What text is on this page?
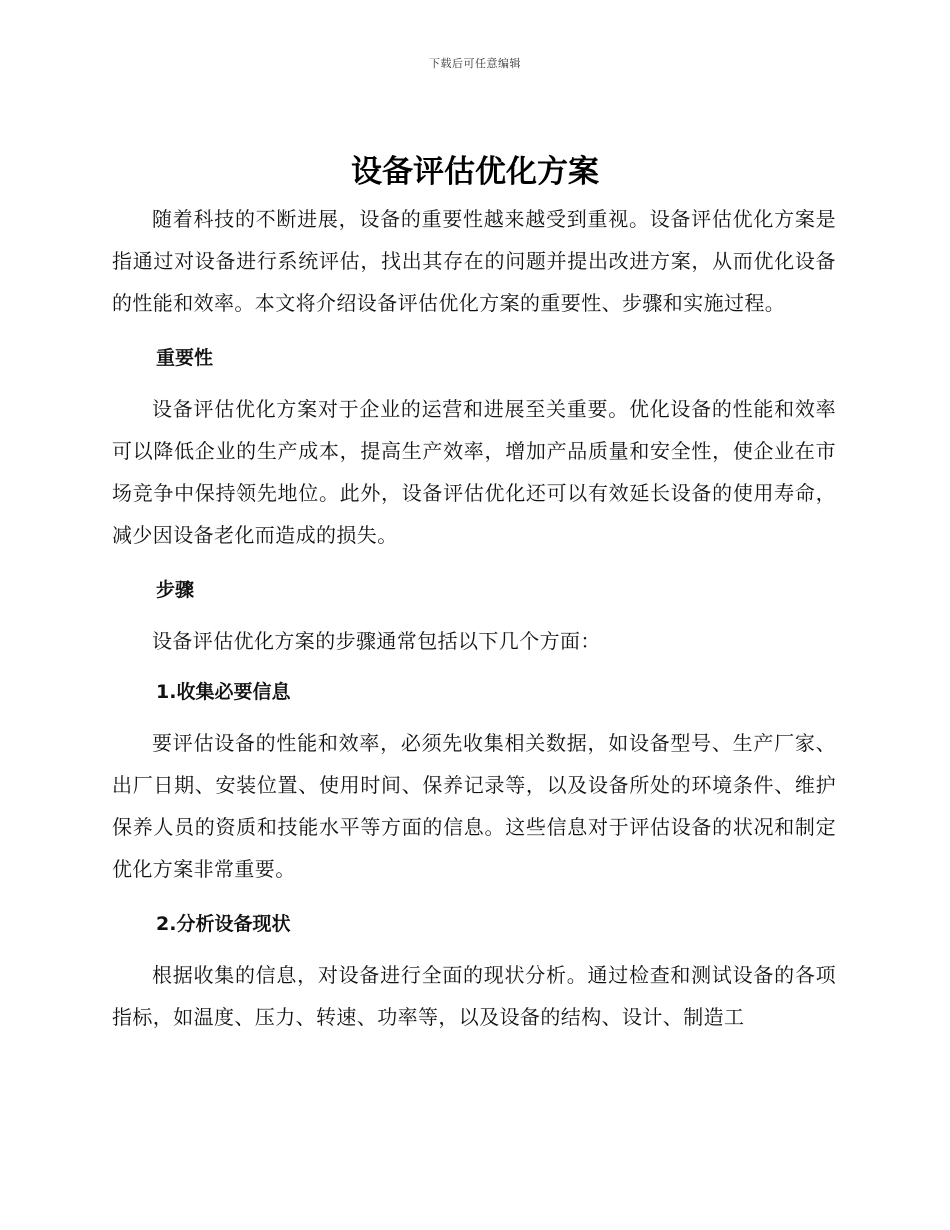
下载后可任意编辑
设备评估优化方案

随着科技的不断进展，设备的重要性越来越受到重视。设备评估优化方案是指通过对设备进行系统评估，找出其存在的问题并提出改进方案，从而优化设备的性能和效率。本文将介绍设备评估优化方案的重要性、步骤和实施过程。

重要性

设备评估优化方案对于企业的运营和进展至关重要。优化设备的性能和效率可以降低企业的生产成本，提高生产效率，增加产品质量和安全性，使企业在市场竞争中保持领先地位。此外，设备评估优化还可以有效延长设备的使用寿命，减少因设备老化而造成的损失。

步骤

设备评估优化方案的步骤通常包括以下几个方面：

1.收集必要信息

要评估设备的性能和效率，必须先收集相关数据，如设备型号、生产厂家、出厂日期、安装位置、使用时间、保养记录等，以及设备所处的环境条件、维护保养人员的资质和技能水平等方面的信息。这些信息对于评估设备的状况和制定优化方案非常重要。

2.分析设备现状

根据收集的信息，对设备进行全面的现状分析。通过检查和测试设备的各项指标，如温度、压力、转速、功率等，以及设备的结构、设计、制造工
